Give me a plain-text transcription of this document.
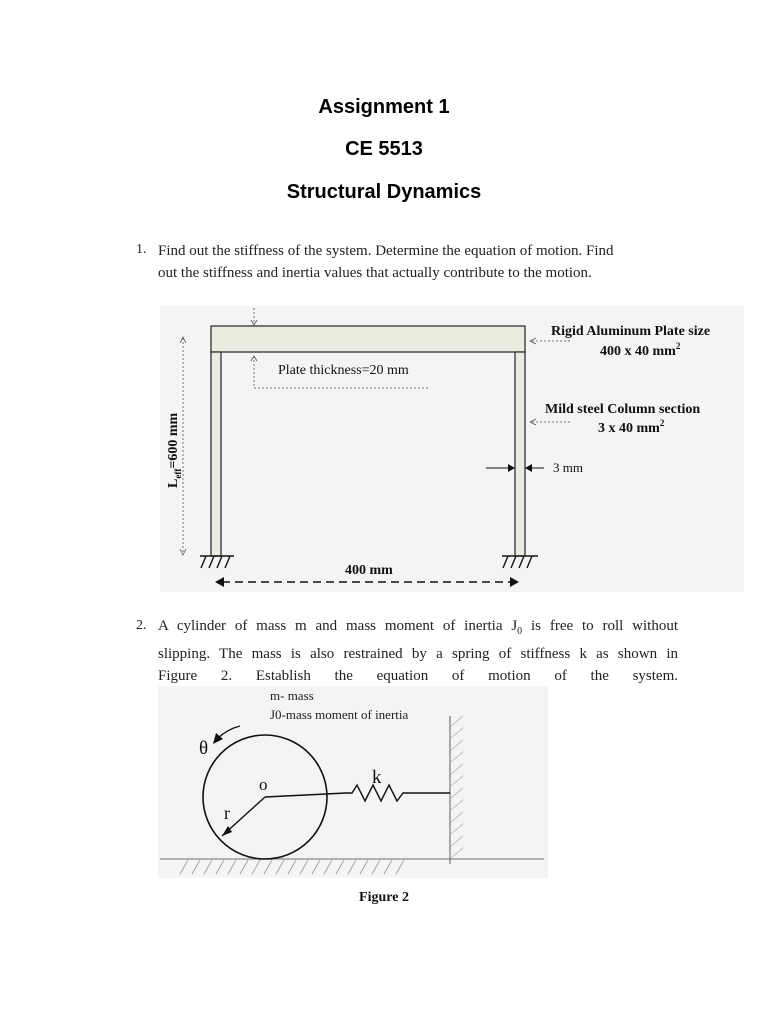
Assignment 1
CE 5513
Structural Dynamics
1. Find out the stiffness of the system. Determine the equation of motion. Find
out the stiffness and inertia values that actually contribute to the motion.
Plate thickness=20 mm
Rigid Aluminum Plate size
400 x 40 $mm^2$
Mild steel Column section
3 x 40 $mm^2$
3 mm
$L_{eff}=600$ mm
400 mm
2. A cylinder of mass m and mass moment of inertia $J_0$ is free to roll without
slipping. The mass is also restrained by a spring of stiffness k as shown in
Figure 2. Establish the equation of motion of the system.
m- mass
J0-mass moment of inertia
o
r
θ
k
Figure 2
